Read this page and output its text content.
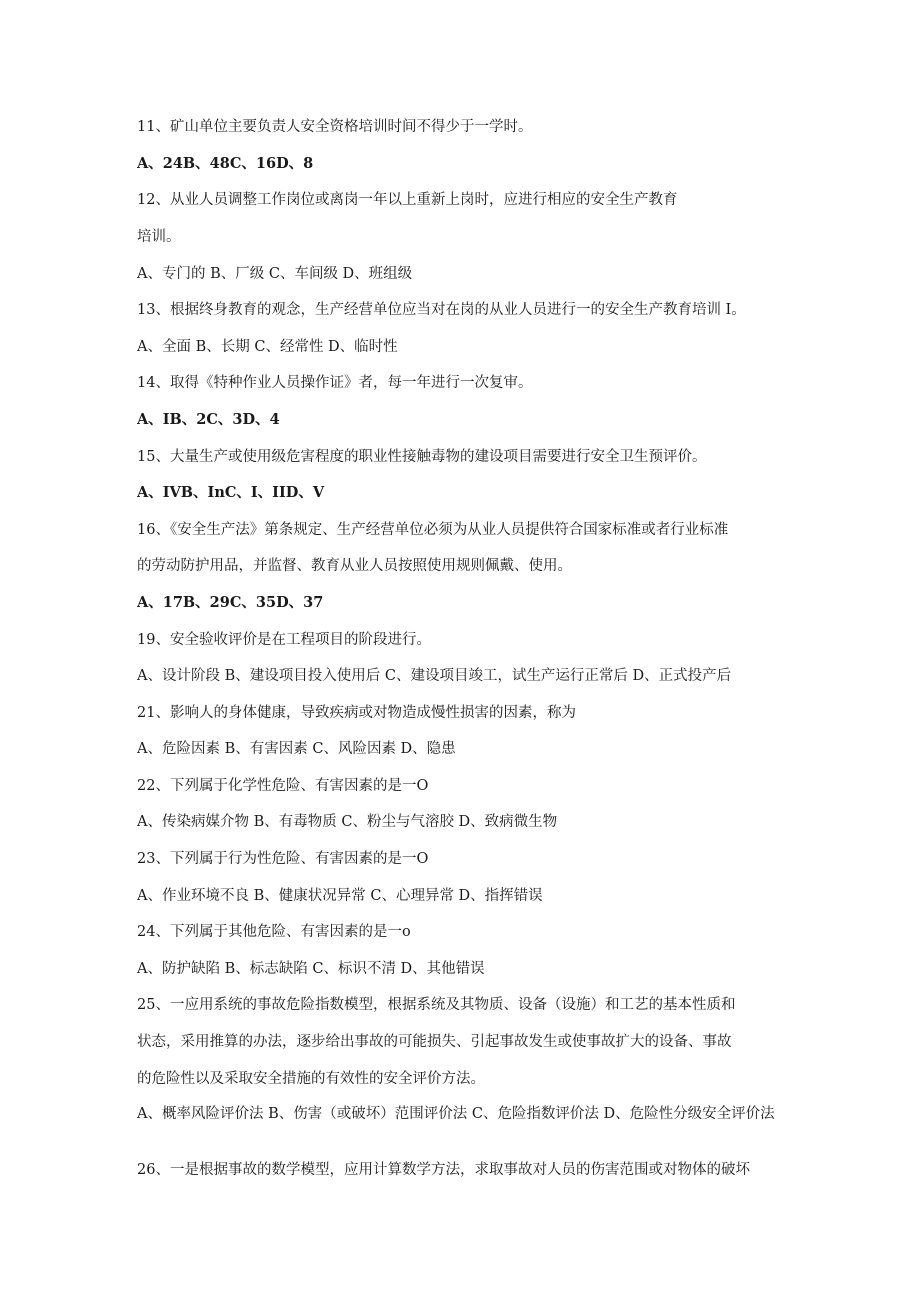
11、矿山单位主要负责人安全资格培训时间不得少于一学时。
A、24B、48C、16D、8
12、从业人员调整工作岗位或离岗一年以上重新上岗时，应进行相应的安全生产教育
培训。
A、专门的 B、厂级 C、车间级 D、班组级
13、根据终身教育的观念，生产经营单位应当对在岗的从业人员进行一的安全生产教育培训 I。
A、全面 B、长期 C、经常性 D、临时性
14、取得《特种作业人员操作证》者，每一年进行一次复审。
A、IB、2C、3D、4
15、大量生产或使用级危害程度的职业性接触毒物的建设项目需要进行安全卫生预评价。
A、IVB、InC、I、IID、V
16、《安全生产法》第条规定、生产经营单位必须为从业人员提供符合国家标准或者行业标准
的劳动防护用品，并监督、教育从业人员按照使用规则佩戴、使用。
A、17B、29C、35D、37
19、安全验收评价是在工程项目的阶段进行。
A、设计阶段 B、建设项目投入使用后 C、建设项目竣工，试生产运行正常后 D、正式投产后
21、影响人的身体健康，导致疾病或对物造成慢性损害的因素，称为
A、危险因素 B、有害因素 C、风险因素 D、隐患
22、下列属于化学性危险、有害因素的是一O
A、传染病媒介物 B、有毒物质 C、粉尘与气溶胶 D、致病微生物
23、下列属于行为性危险、有害因素的是一O
A、作业环境不良 B、健康状况异常 C、心理异常 D、指挥错误
24、下列属于其他危险、有害因素的是一o
A、防护缺陷 B、标志缺陷 C、标识不清 D、其他错误
25、一应用系统的事故危险指数模型，根据系统及其物质、设备（设施）和工艺的基本性质和
状态，采用推算的办法，逐步给出事故的可能损失、引起事故发生或使事故扩大的设备、事故
的危险性以及采取安全措施的有效性的安全评价方法。
A、概率风险评价法 B、伤害（或破坏）范围评价法 C、危险指数评价法 D、危险性分级安全评价法
26、一是根据事故的数学模型，应用计算数学方法，求取事故对人员的伤害范围或对物体的破坏
